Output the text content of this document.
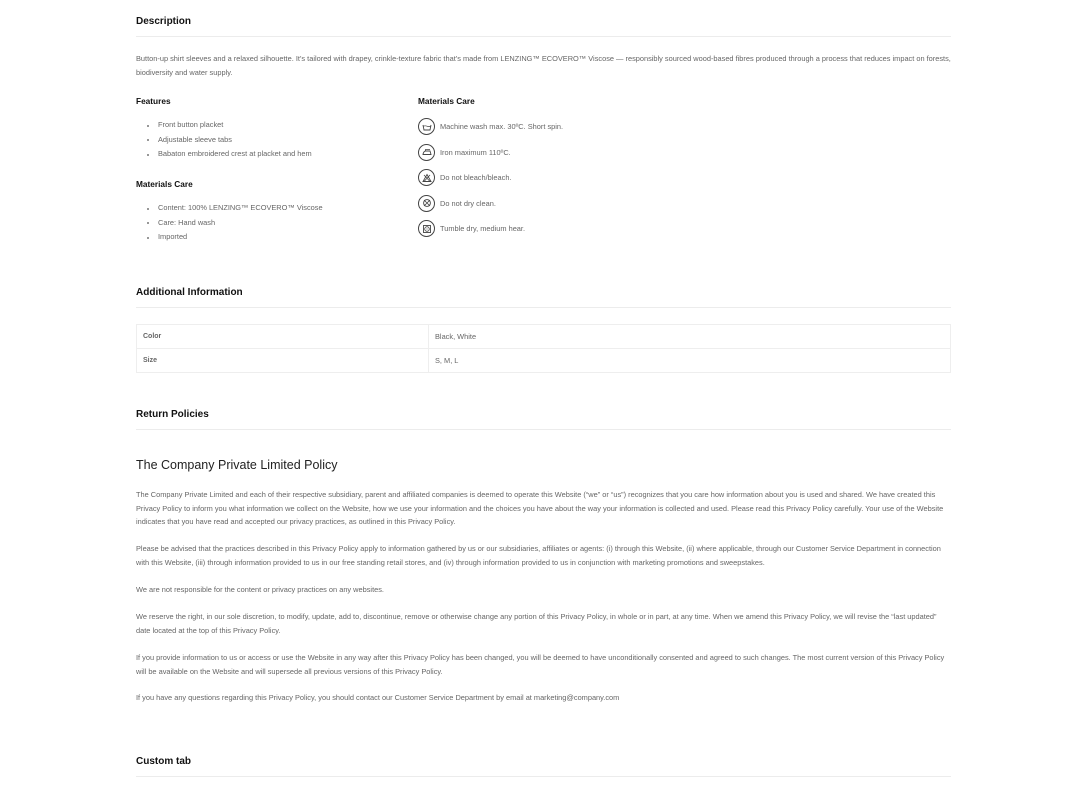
Description

Button-up shirt sleeves and a relaxed silhouette. It’s tailored with drapey, crinkle-texture fabric that’s made from LENZING™ ECOVERO™ Viscose — responsibly sourced wood-based fibres produced through a process that reduces impact on forests, biodiversity and water supply.

Features
Front button placket
Adjustable sleeve tabs
Babaton embroidered crest at placket and hem
Materials Care
Content: 100% LENZING™ ECOVERO™ Viscose
Care: Hand wash
Imported
Materials Care
Machine wash max. 30ºC. Short spin.
Iron maximum 110ºC.
Do not bleach/bleach.
Do not dry clean.
Tumble dry, medium hear.
Additional Information
Color	Black, White
Size	S, M, L
Return Policies
The Company Private Limited Policy

The Company Private Limited and each of their respective subsidiary, parent and affiliated companies is deemed to operate this Website (“we” or “us”) recognizes that you care how information about you is used and shared. We have created this Privacy Policy to inform you what information we collect on the Website, how we use your information and the choices you have about the way your information is collected and used. Please read this Privacy Policy carefully. Your use of the Website indicates that you have read and accepted our privacy practices, as outlined in this Privacy Policy.

Please be advised that the practices described in this Privacy Policy apply to information gathered by us or our subsidiaries, affiliates or agents: (i) through this Website, (ii) where applicable, through our Customer Service Department in connection with this Website, (iii) through information provided to us in our free standing retail stores, and (iv) through information provided to us in conjunction with marketing promotions and sweepstakes.

We are not responsible for the content or privacy practices on any websites.

We reserve the right, in our sole discretion, to modify, update, add to, discontinue, remove or otherwise change any portion of this Privacy Policy, in whole or in part, at any time. When we amend this Privacy Policy, we will revise the “last updated” date located at the top of this Privacy Policy.

If you provide information to us or access or use the Website in any way after this Privacy Policy has been changed, you will be deemed to have unconditionally consented and agreed to such changes. The most current version of this Privacy Policy will be available on the Website and will supersede all previous versions of this Privacy Policy.

If you have any questions regarding this Privacy Policy, you should contact our Customer Service Department by email at marketing@company.com

Custom tab
